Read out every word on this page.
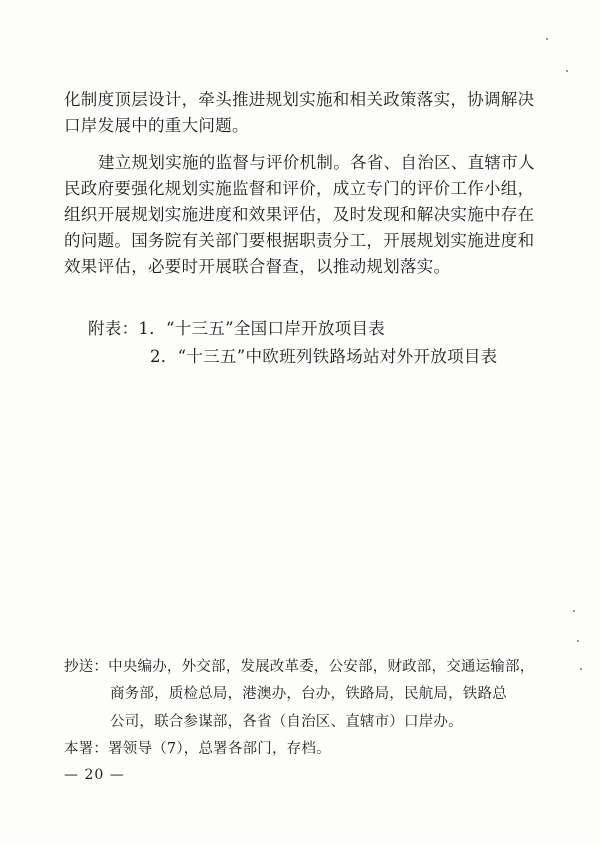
化制度顶层设计，牵头推进规划实施和相关政策落实，协调解决
口岸发展中的重大问题。
建立规划实施的监督与评价机制。各省、自治区、直辖市人
民政府要强化规划实施监督和评价，成立专门的评价工作小组，
组织开展规划实施进度和效果评估，及时发现和解决实施中存在
的问题。国务院有关部门要根据职责分工，开展规划实施进度和
效果评估，必要时开展联合督查，以推动规划落实。
附表：1．“十三五”全国口岸开放项目表
2．“十三五”中欧班列铁路场站对外开放项目表
抄送：中央编办，外交部，发展改革委，公安部，财政部，交通运输部，
商务部，质检总局，港澳办，台办，铁路局，民航局，铁路总
公司，联合参谋部，各省（自治区、直辖市）口岸办。
本署：署领导（7），总署各部门，存档。
— 20 —
